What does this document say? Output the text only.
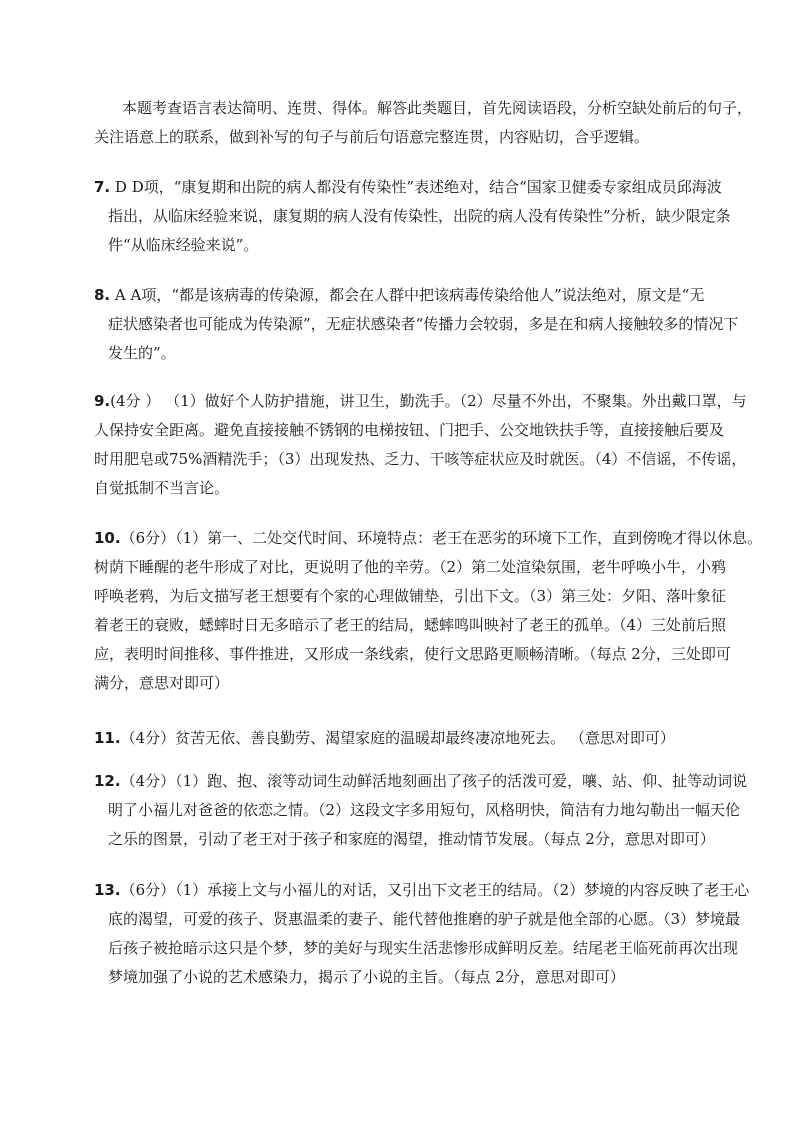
本题考查语言表达简明、连贯、得体。解答此类题目，首先阅读语段，分析空缺处前后的句子，
关注语意上的联系，做到补写的句子与前后句语意完整连贯，内容贴切，合乎逻辑。
7. D D项，“康复期和出院的病人都没有传染性”表述绝对，结合“国家卫健委专家组成员邱海波
指出，从临床经验来说，康复期的病人没有传染性，出院的病人没有传染性”分析，缺少限定条
件“从临床经验来说”。
8. A A项，“都是该病毒的传染源，都会在人群中把该病毒传染给他人”说法绝对，原文是“无
症状感染者也可能成为传染源”，无症状感染者“传播力会较弱，多是在和病人接触较多的情况下
发生的”。
9.(4分 ） （1）做好个人防护措施，讲卫生，勤洗手。（2）尽量不外出，不聚集。外出戴口罩，与
人保持安全距离。避免直接接触不锈钢的电梯按钮、门把手、公交地铁扶手等，直接接触后要及
时用肥皂或75%酒精洗手；（3）出现发热、乏力、干咳等症状应及时就医。（4）不信谣，不传谣，
自觉抵制不当言论。
10.（6分）（1）第一、二处交代时间、环境特点：老王在恶劣的环境下工作，直到傍晚才得以休息。
树荫下睡醒的老牛形成了对比，更说明了他的辛劳。（2）第二处渲染氛围，老牛呼唤小牛，小鸦
呼唤老鸦，为后文描写老王想要有个家的心理做铺垫，引出下文。（3）第三处：夕阳、落叶象征
着老王的衰败，蟋蟀时日无多暗示了老王的结局，蟋蟀鸣叫映衬了老王的孤单。（4）三处前后照
应，表明时间推移、事件推进，又形成一条线索，使行文思路更顺畅清晰。（每点 2分，三处即可
满分，意思对即可）
11.（4分）贫苦无依、善良勤劳、渴望家庭的温暖却最终凄凉地死去。 （意思对即可）
12.（4分）（1）跑、抱、滚等动词生动鲜活地刻画出了孩子的活泼可爱，嚷、站、仰、扯等动词说
明了小福儿对爸爸的依恋之情。（2）这段文字多用短句，风格明快，简洁有力地勾勒出一幅天伦
之乐的图景，引动了老王对于孩子和家庭的渴望，推动情节发展。（每点 2分，意思对即可）
13.（6分）（1）承接上文与小福儿的对话，又引出下文老王的结局。（2）梦境的内容反映了老王心
底的渴望，可爱的孩子、贤惠温柔的妻子、能代替他推磨的驴子就是他全部的心愿。（3）梦境最
后孩子被抢暗示这只是个梦，梦的美好与现实生活悲惨形成鲜明反差。结尾老王临死前再次出现
梦境加强了小说的艺术感染力，揭示了小说的主旨。（每点 2分，意思对即可）
